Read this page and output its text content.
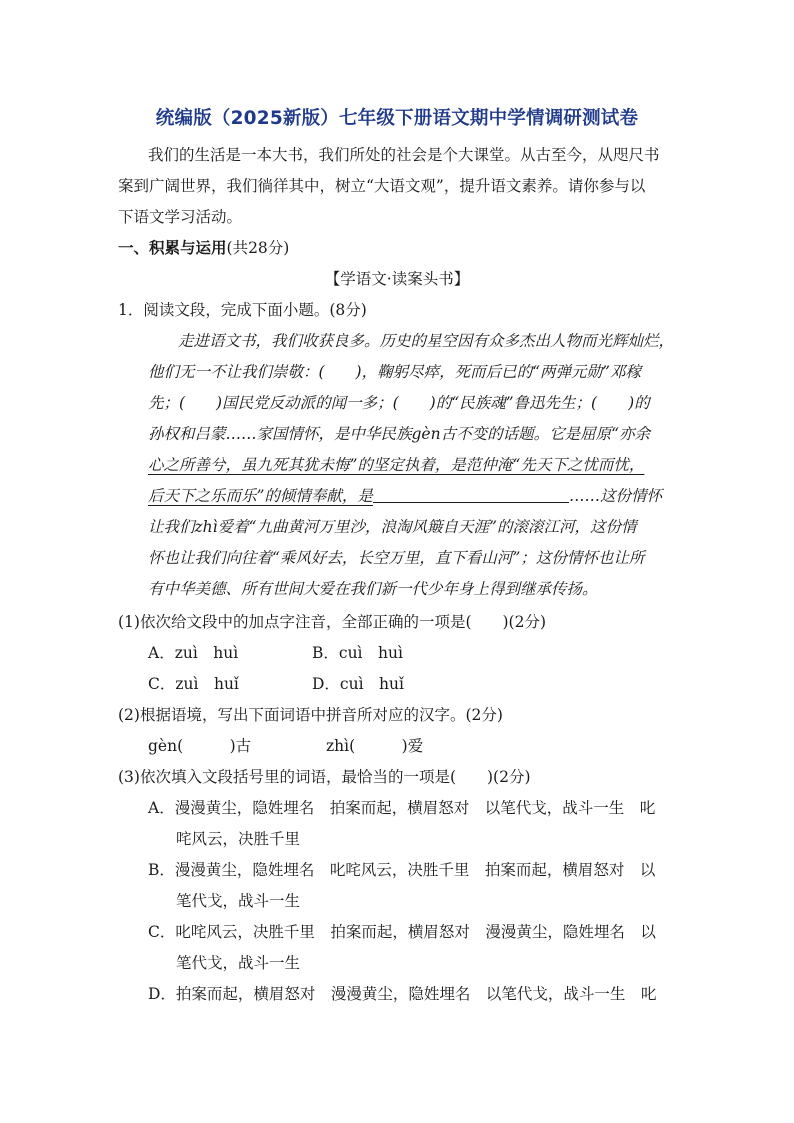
统编版（2025新版）七年级下册语文期中学情调研测试卷
我们的生活是一本大书，我们所处的社会是个大课堂。从古至今，从咫尺书
案到广阔世界，我们徜徉其中，树立“大语文观”，提升语文素养。请你参与以
下语文学习活动。
一、积累与运用(共28分)
【学语文·读案头书】
1．阅读文段，完成下面小题。(8分)
走进语文书，我们收获良多。历史的星空因有众多杰出人物而光辉灿烂，
他们无一不让我们崇敬：(　　)，鞠躬尽瘁，死而后已的“两弹元勋”邓稼
先；(　　)国民党反动派的闻一多；(　　)的“民族魂”鲁迅先生；(　　)的
孙权和吕蒙……家国情怀，是中华民族gèn古不变的话题。它是屈原“亦余
心之所善兮，虽九死其犹未悔”的坚定执着，是范仲淹“先天下之忧而忧，
后天下之乐而乐”的倾情奉献，是	……这份情怀
让我们zhì爱着“九曲黄河万里沙，浪淘风簸自天涯”的滚滚江河，这份情
怀也让我们向往着“乘风好去，长空万里，直下看山河”；这份情怀也让所
有中华美德、所有世间大爱在我们新一代少年身上得到继承传扬。
(1)依次给文段中的加点字注音，全部正确的一项是(　　)(2分)
A．zuì　huì	B．cuì　huì
C．zuì　huǐ	D．cuì　huǐ
(2)根据语境，写出下面词语中拼音所对应的汉字。(2分)
gèn(　　　)古	zhì(　　　)爱
(3)依次填入文段括号里的词语，最恰当的一项是(　　)(2分)
A．漫漫黄尘，隐姓埋名　拍案而起，横眉怒对　以笔代戈，战斗一生　叱
咤风云，决胜千里
B．漫漫黄尘，隐姓埋名　叱咤风云，决胜千里　拍案而起，横眉怒对　以
笔代戈，战斗一生
C．叱咤风云，决胜千里　拍案而起，横眉怒对　漫漫黄尘，隐姓埋名　以
笔代戈，战斗一生
D．拍案而起，横眉怒对　漫漫黄尘，隐姓埋名　以笔代戈，战斗一生　叱
